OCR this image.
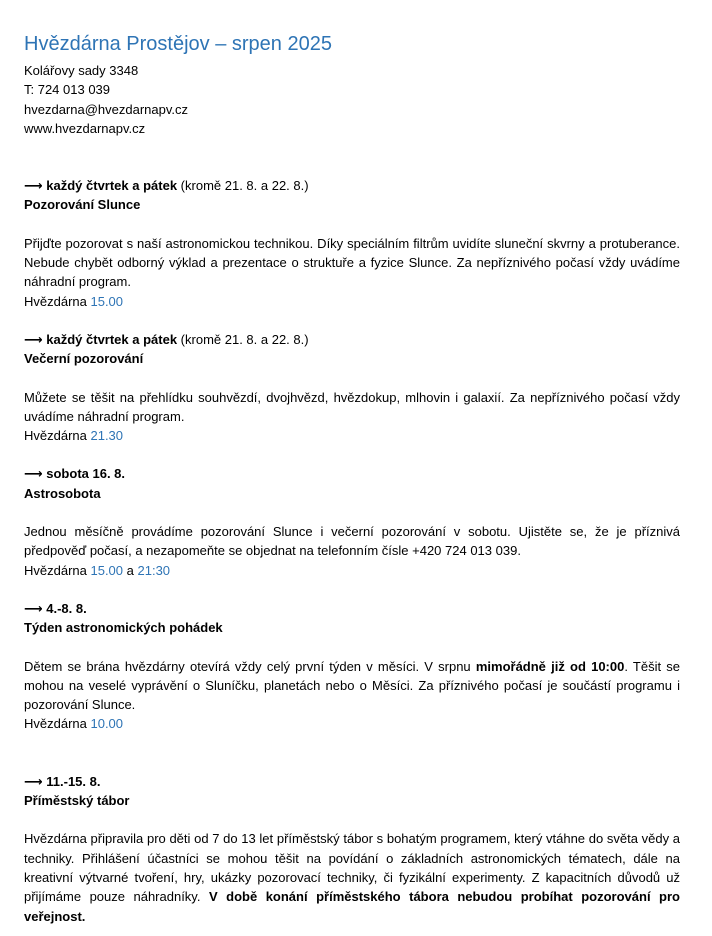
Hvězdárna Prostějov – srpen 2025
Kolářovy sady 3348
T: 724 013 039
hvezdarna@hvezdarnapv.cz
www.hvezdarnapv.cz
⟶ každý čtvrtek a pátek (kromě 21. 8. a 22. 8.)
Pozorování Slunce
Přijďte pozorovat s naší astronomickou technikou. Díky speciálním filtrům uvidíte sluneční skvrny a protuberance. Nebude chybět odborný výklad a prezentace o struktuře a fyzice Slunce. Za nepříznivého počasí vždy uvádíme náhradní program.
Hvězdárna 15.00
⟶ každý čtvrtek a pátek (kromě 21. 8. a 22. 8.)
Večerní pozorování
Můžete se těšit na přehlídku souhvězdí, dvojhvězd, hvězdokup, mlhovin i galaxií. Za nepříznivého počasí vždy uvádíme náhradní program.
Hvězdárna 21.30
⟶ sobota 16. 8.
Astrosobota
Jednou měsíčně provádíme pozorování Slunce i večerní pozorování v sobotu. Ujistěte se, že je příznivá předpověď počasí, a nezapomeňte se objednat na telefonním čísle +420 724 013 039.
Hvězdárna 15.00 a 21:30
⟶ 4.-8. 8.
Týden astronomických pohádek
Dětem se brána hvězdárny otevírá vždy celý první týden v měsíci. V srpnu mimořádně již od 10:00. Těšit se mohou na veselé vyprávění o Sluníčku, planetách nebo o Měsíci. Za příznivého počasí je součástí programu i pozorování Slunce.
Hvězdárna 10.00
⟶ 11.-15. 8.
Příměstský tábor
Hvězdárna připravila pro děti od 7 do 13 let příměstský tábor s bohatým programem, který vtáhne do světa vědy a techniky. Přihlášení účastníci se mohou těšit na povídání o základních astronomických tématech, dále na kreativní výtvarné tvoření, hry, ukázky pozorovací techniky, či fyzikální experimenty. Z kapacitních důvodů už přijímáme pouze náhradníky. V době konání příměstského tábora nebudou probíhat pozorování pro veřejnost.
